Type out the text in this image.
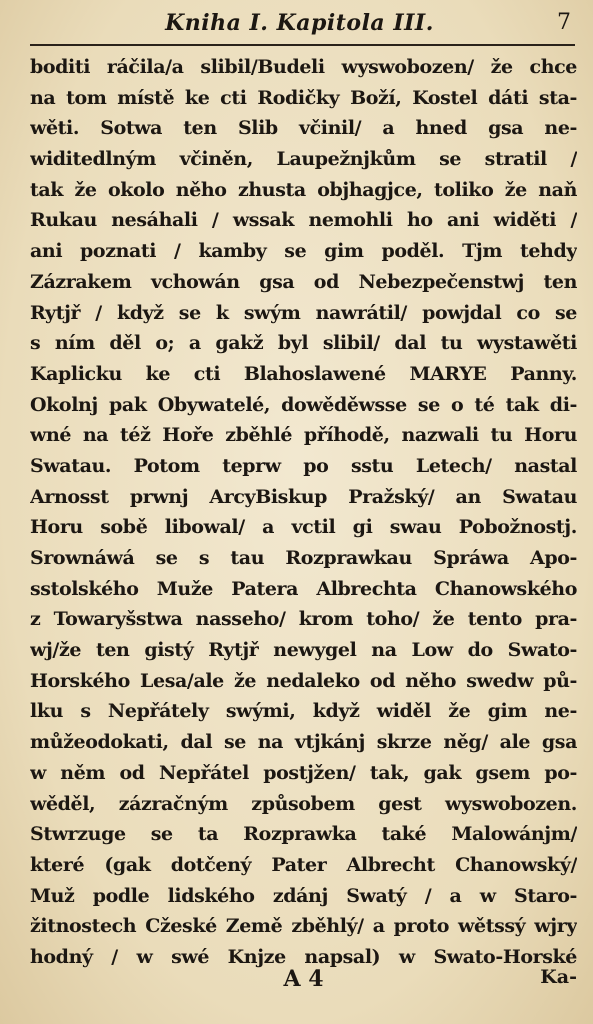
Kniha I. Kapitola III.	7
boditi ráčila/a slibil/Budeli wyswobozen/ že chce
na tom místě ke cti Rodičky Boží, Kostel dáti sta-
wěti. Sotwa ten Slib včinil/ a hned gsa ne-
widitedlným včiněn, Laupežnjkům se stratil /
tak že okolo něho zhusta objhagjce, toliko že naň
Rukau nesáhali / wssak nemohli ho ani widěti /
ani poznati / kamby se gim poděl. Tjm tehdy
Zázrakem vchowán gsa od Nebezpečenstwj ten
Rytjř / když se k swým nawrátil/ powjdal co se
s ním děl o; a gakž byl slibil/ dal tu wystawěti
Kaplicku ke cti Blahoslawené MARYE Panny.
Okolnj pak Obywatelé, dowěděwsse se o té tak di-
wné na též Hoře zběhlé příhodě, nazwali tu Horu
Swatau. Potom teprw po sstu Letech/ nastal
Arnosst prwnj ArcyBiskup Pražský/ an Swatau
Horu sobě libowal/ a vctil gi swau Pobožnostj.
Srownáwá se s tau Rozprawkau Spráwa Apo-
sstolského Muže Patera Albrechta Chanowského
z Towaryšstwa nasseho/ krom toho/ že tento pra-
wj/že ten gistý Rytjř newygel na Low do Swato-
Horského Lesa/ale že nedaleko od něho swedw pů-
lku s Nepřátely swými, když widěl že gim ne-
můžeodokati, dal se na vtjkánj skrze něg/ ale gsa
w něm od Nepřátel postjžen/ tak, gak gsem po-
wěděl, zázračným způsobem gest wyswobozen.
Stwrzuge se ta Rozprawka také Malowánjm/
které (gak dotčený Pater Albrecht Chanowský/
Muž podle lidského zdánj Swatý / a w Staro-
žitnostech Cžeské Země zběhlý/ a proto wětssý wjry
hodný / w swé Knjze napsal) w Swato-Horské
A 4	Ka-
